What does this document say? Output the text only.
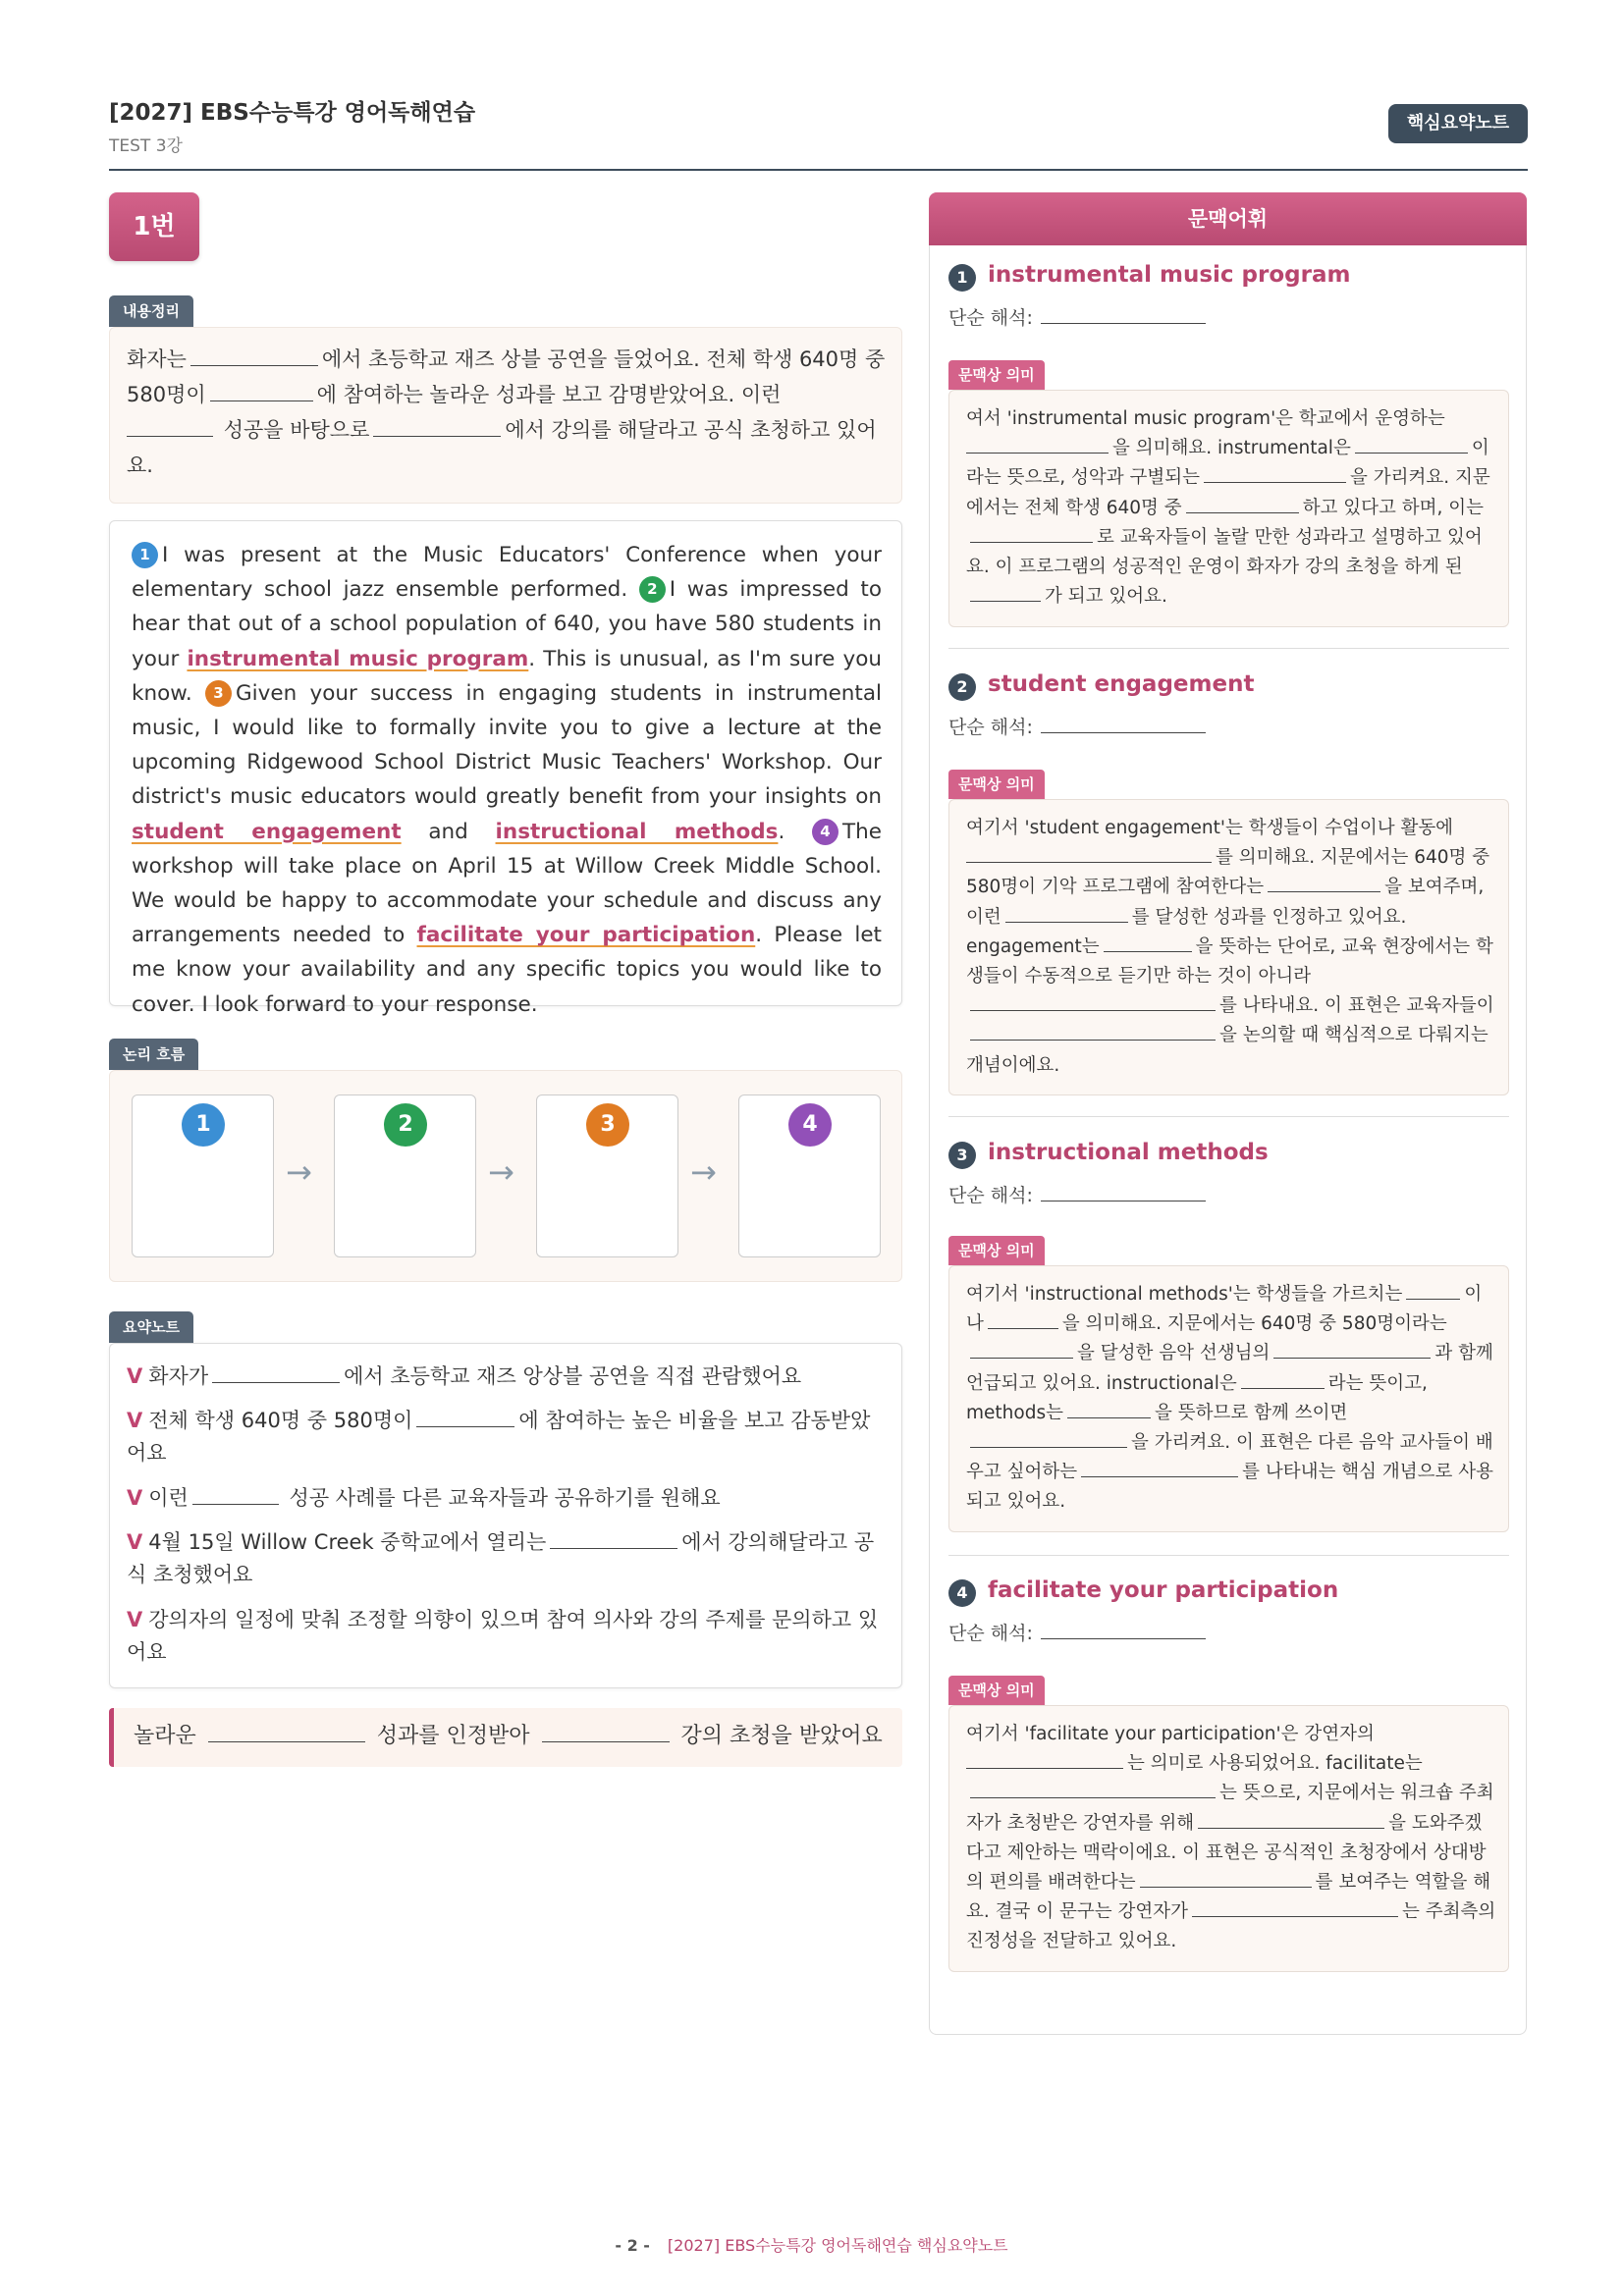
[2027] EBS수능특강 영어독해연습
TEST 3강
핵심요약노트
1번
내용정리
화자는	에서 초등학교 재즈 상블 공연을 들었어요. 전체 학생 640명 중 580명이	에 참여하는 놀라운 성과를 보고 감명받았어요. 이런
성공을 바탕으로	에서 강의를 해달라고 공식 초청하고 있어요.
1 I was present at the Music Educators' Conference when your elementary school jazz ensemble performed. 2 I was impressed to hear that out of a school population of 640, you have 580 students in your instrumental music program. This is unusual, as I'm sure you know. 3 Given your success in engaging students in instrumental music, I would like to formally invite you to give a lecture at the upcoming Ridgewood School District Music Teachers' Workshop. Our district's music educators would greatly benefit from your insights on student engagement and instructional methods. 4 The workshop will take place on April 15 at Willow Creek Middle School. We would be happy to accommodate your schedule and discuss any arrangements needed to facilitate your participation. Please let me know your availability and any specific topics you would like to cover. I look forward to your response.
논리 흐름
1	2	3	4
→	→	→
요약노트
V 화자가	에서 초등학교 재즈 앙상블 공연을 직접 관람했어요
V 전체 학생 640명 중 580명이	에 참여하는 높은 비율을 보고 감동받았어요
V 이런	성공 사례를 다른 교육자들과 공유하기를 원해요
V 4월 15일 Willow Creek 중학교에서 열리는	에서 강의해달라고 공식 초청했어요
V 강의자의 일정에 맞춰 조정할 의향이 있으며 참여 의사와 강의 주제를 문의하고 있어요
놀라운	성과를 인정받아	강의 초청을 받았어요
문맥어휘
1 instrumental music program
단순 해석:
문맥상 의미
여서 'instrumental music program'은 학교에서 운영하는
을 의미해요. instrumental은	이라는 뜻으로, 성악과 구별되는	을 가리켜요. 지문에서는 전체 학생 640명 중	하고 있다고 하며, 이는로 교육자들이 놀랄 만한 성과라고 설명하고 있어요. 이 프로그램의 성공적인 운영이 화자가 강의 초청을 하게 된가 되고 있어요.
2 student engagement
단순 해석:
문맥상 의미
여기서 'student engagement'는 학생들이 수업이나 활동에
를 의미해요. 지문에서는 640명 중 580명이 기악 프로그램에 참여한다는	을 보여주며, 이런	를 달성한 성과를 인정하고 있어요. engagement는	을 뜻하는 단어로, 교육 현장에서는 학생들이 수동적으로 듣기만 하는 것이 아니라를 나타내요. 이 표현은 교육자들이을 논의할 때 핵심적으로 다뤄지는 개념이에요.
3 instructional methods
단순 해석:
문맥상 의미
여기서 'instructional methods'는 학생들을 가르치는	이나	을 의미해요. 지문에서는 640명 중 580명이라는을 달성한 음악 선생님의	과 함께 언급되고 있어요. instructional은	라는 뜻이고, methods는	을 뜻하므로 함께 쓰이면을 가리켜요. 이 표현은 다른 음악 교사들이 배우고 싶어하는	를 나타내는 핵심 개념으로 사용되고 있어요.
4 facilitate your participation
단순 해석:
문맥상 의미
여기서 'facilitate your participation'은 강연자의
는 의미로 사용되었어요. facilitate는는 뜻으로, 지문에서는 워크숍 주최자가 초청받은 강연자를 위해	을 도와주겠다고 제안하는 맥락이에요. 이 표현은 공식적인 초청장에서 상대방의 편의를 배려한다는	를 보여주는 역할을 해요. 결국 이 문구는 강연자가	는 주최측의 진정성을 전달하고 있어요.
- 2 - [2027] EBS수능특강 영어독해연습 핵심요약노트
